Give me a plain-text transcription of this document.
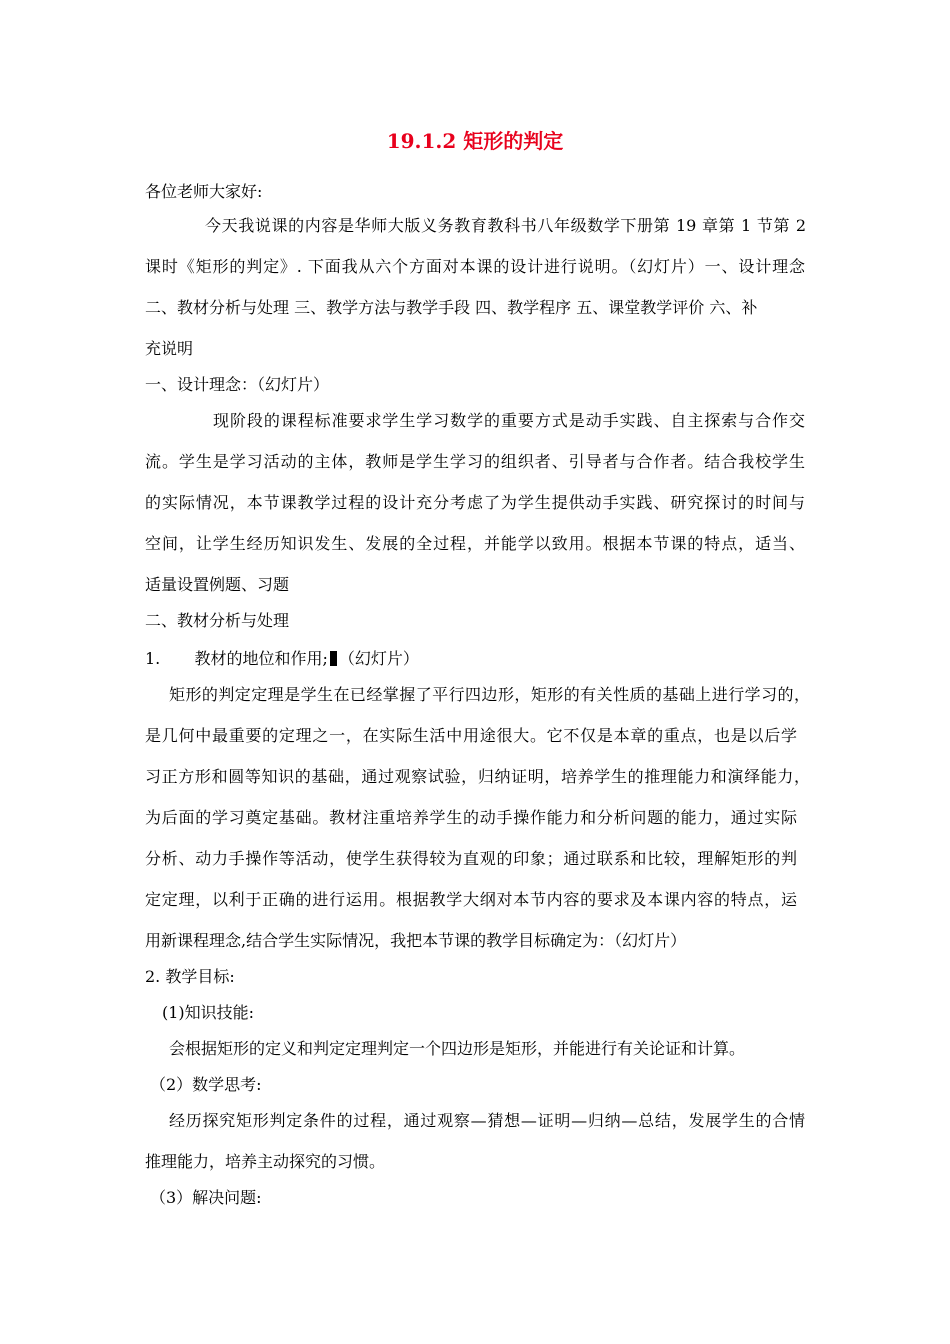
19.1.2 矩形的判定
各位老师大家好:
今天我说课的内容是华师大版义务教育教科书八年级数学下册第 19 章第 1 节第 2
课时《矩形的判定》. 下面我从六个方面对本课的设计进行说明。（幻灯片）一、设计理念
二、教材分析与处理 三、教学方法与教学手段 四、教学程序 五、课堂教学评价 六、补
充说明
一、设计理念：（幻灯片）
现阶段的课程标准要求学生学习数学的重要方式是动手实践、自主探索与合作交
流。学生是学习活动的主体，教师是学生学习的组织者、引导者与合作者。结合我校学生
的实际情况，本节课教学过程的设计充分考虑了为学生提供动手实践、研究探讨的时间与
空间，让学生经历知识发生、发展的全过程，并能学以致用。根据本节课的特点，适当、
适量设置例题、习题
二、教材分析与处理
1. 教材的地位和作用; （幻灯片）
矩形的判定定理是学生在已经掌握了平行四边形，矩形的有关性质的基础上进行学习的，
是几何中最重要的定理之一，在实际生活中用途很大。它不仅是本章的重点，也是以后学
习正方形和圆等知识的基础，通过观察试验，归纳证明，培养学生的推理能力和演绎能力，
为后面的学习奠定基础。教材注重培养学生的动手操作能力和分析问题的能力，通过实际
分析、动力手操作等活动，使学生获得较为直观的印象；通过联系和比较，理解矩形的判
定定理，以利于正确的进行运用。根据教学大纲对本节内容的要求及本课内容的特点，运
用新课程理念,结合学生实际情况，我把本节课的教学目标确定为：（幻灯片）
2. 教学目标:
(1)知识技能:
会根据矩形的定义和判定定理判定一个四边形是矩形，并能进行有关论证和计算。
（2）数学思考:
经历探究矩形判定条件的过程，通过观察—猜想—证明—归纳—总结，发展学生的合情
推理能力，培养主动探究的习惯。
（3）解决问题:
